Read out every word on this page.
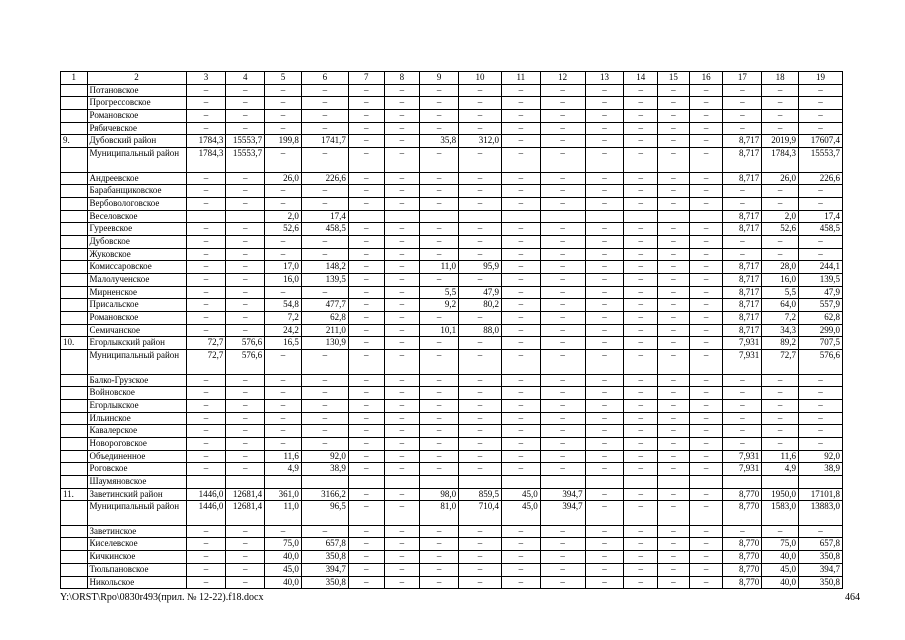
1	2	3	4	5	6	7	8	9	10	11	12	13	14	15	16	17	18	19
	Потановское	–	–	–	–	–	–	–	–	–	–	–	–	–	–	–	–	–
	Прогрессовское	–	–	–	–	–	–	–	–	–	–	–	–	–	–	–	–	–
	Романовское	–	–	–	–	–	–	–	–	–	–	–	–	–	–	–	–	–
	Рябичевское	–	–	–	–	–	–	–	–	–	–	–	–	–	–	–	–	–
9.	Дубовский район	1784,3	15553,7	199,8	1741,7	–	–	35,8	312,0	–	–	–	–	–	–	8,717	2019,9	17607,4
	Муниципальный район	1784,3	15553,7	–	–	–	–	–	–	–	–	–	–	–	–	8,717	1784,3	15553,7
	Андреевское	–	–	26,0	226,6	–	–	–	–	–	–	–	–	–	–	8,717	26,0	226,6
	Барабанщиковское	–	–	–	–	–	–	–	–	–	–	–	–	–	–	–	–	–
	Вербовологовское	–	–	–	–	–	–	–	–	–	–	–	–	–	–	–	–	–
	Веселовское			2,0	17,4											8,717	2,0	17,4
	Гуреевское	–	–	52,6	458,5	–	–	–	–	–	–	–	–	–	–	8,717	52,6	458,5
	Дубовское	–	–	–	–	–	–	–	–	–	–	–	–	–	–	–	–	–
	Жуковское	–	–	–	–	–	–	–	–	–	–	–	–	–	–	–	–	–
	Комиссаровское	–	–	17,0	148,2	–	–	11,0	95,9	–	–	–	–	–	–	8,717	28,0	244,1
	Малолученское	–	–	16,0	139,5	–	–	–	–	–	–	–	–	–	–	8,717	16,0	139,5
	Мирненское	–	–	–	–	–	–	5,5	47,9	–	–	–	–	–	–	8,717	5,5	47,9
	Присальское	–	–	54,8	477,7	–	–	9,2	80,2	–	–	–	–	–	–	8,717	64,0	557,9
	Романовское	–	–	7,2	62,8	–	–	–	–	–	–	–	–	–	–	8,717	7,2	62,8
	Семичанское	–	–	24,2	211,0	–	–	10,1	88,0	–	–	–	–	–	–	8,717	34,3	299,0
10.	Егорлыкский район	72,7	576,6	16,5	130,9	–	–	–	–	–	–	–	–	–	–	7,931	89,2	707,5
	Муниципальный район	72,7	576,6	–	–	–	–	–	–	–	–	–	–	–	–	7,931	72,7	576,6
	Балко-Грузское	–	–	–	–	–	–	–	–	–	–	–	–	–	–	–	–	–
	Войновское	–	–	–	–	–	–	–	–	–	–	–	–	–	–	–	–	–
	Егорлыкское	–	–	–	–	–	–	–	–	–	–	–	–	–	–	–	–	–
	Ильинское	–	–	–	–	–	–	–	–	–	–	–	–	–	–	–	–	–
	Кавалерское	–	–	–	–	–	–	–	–	–	–	–	–	–	–	–	–	–
	Новороговское	–	–	–	–	–	–	–	–	–	–	–	–	–	–	–	–	–
	Объединенное	–	–	11,6	92,0	–	–	–	–	–	–	–	–	–	–	7,931	11,6	92,0
	Роговское	–	–	4,9	38,9	–	–	–	–	–	–	–	–	–	–	7,931	4,9	38,9
	Шаумяновское																	
11.	Заветинский район	1446,0	12681,4	361,0	3166,2	–	–	98,0	859,5	45,0	394,7	–	–	–	–	8,770	1950,0	17101,8
	Муниципальный район	1446,0	12681,4	11,0	96,5	–	–	81,0	710,4	45,0	394,7	–	–	–	–	8,770	1583,0	13883,0
	Заветинское	–	–	–	–	–	–	–	–	–	–	–	–	–	–	–	–	–
	Киселевское	–	–	75,0	657,8	–	–	–	–	–	–	–	–	–	–	8,770	75,0	657,8
	Кичкинское	–	–	40,0	350,8	–	–	–	–	–	–	–	–	–	–	8,770	40,0	350,8
	Тюльпановское	–	–	45,0	394,7	–	–	–	–	–	–	–	–	–	–	8,770	45,0	394,7
	Никольское	–	–	40,0	350,8	–	–	–	–	–	–	–	–	–	–	8,770	40,0	350,8
Y:\ORST\Rpo\0830r493(прил. № 12-22).f18.docx	464
